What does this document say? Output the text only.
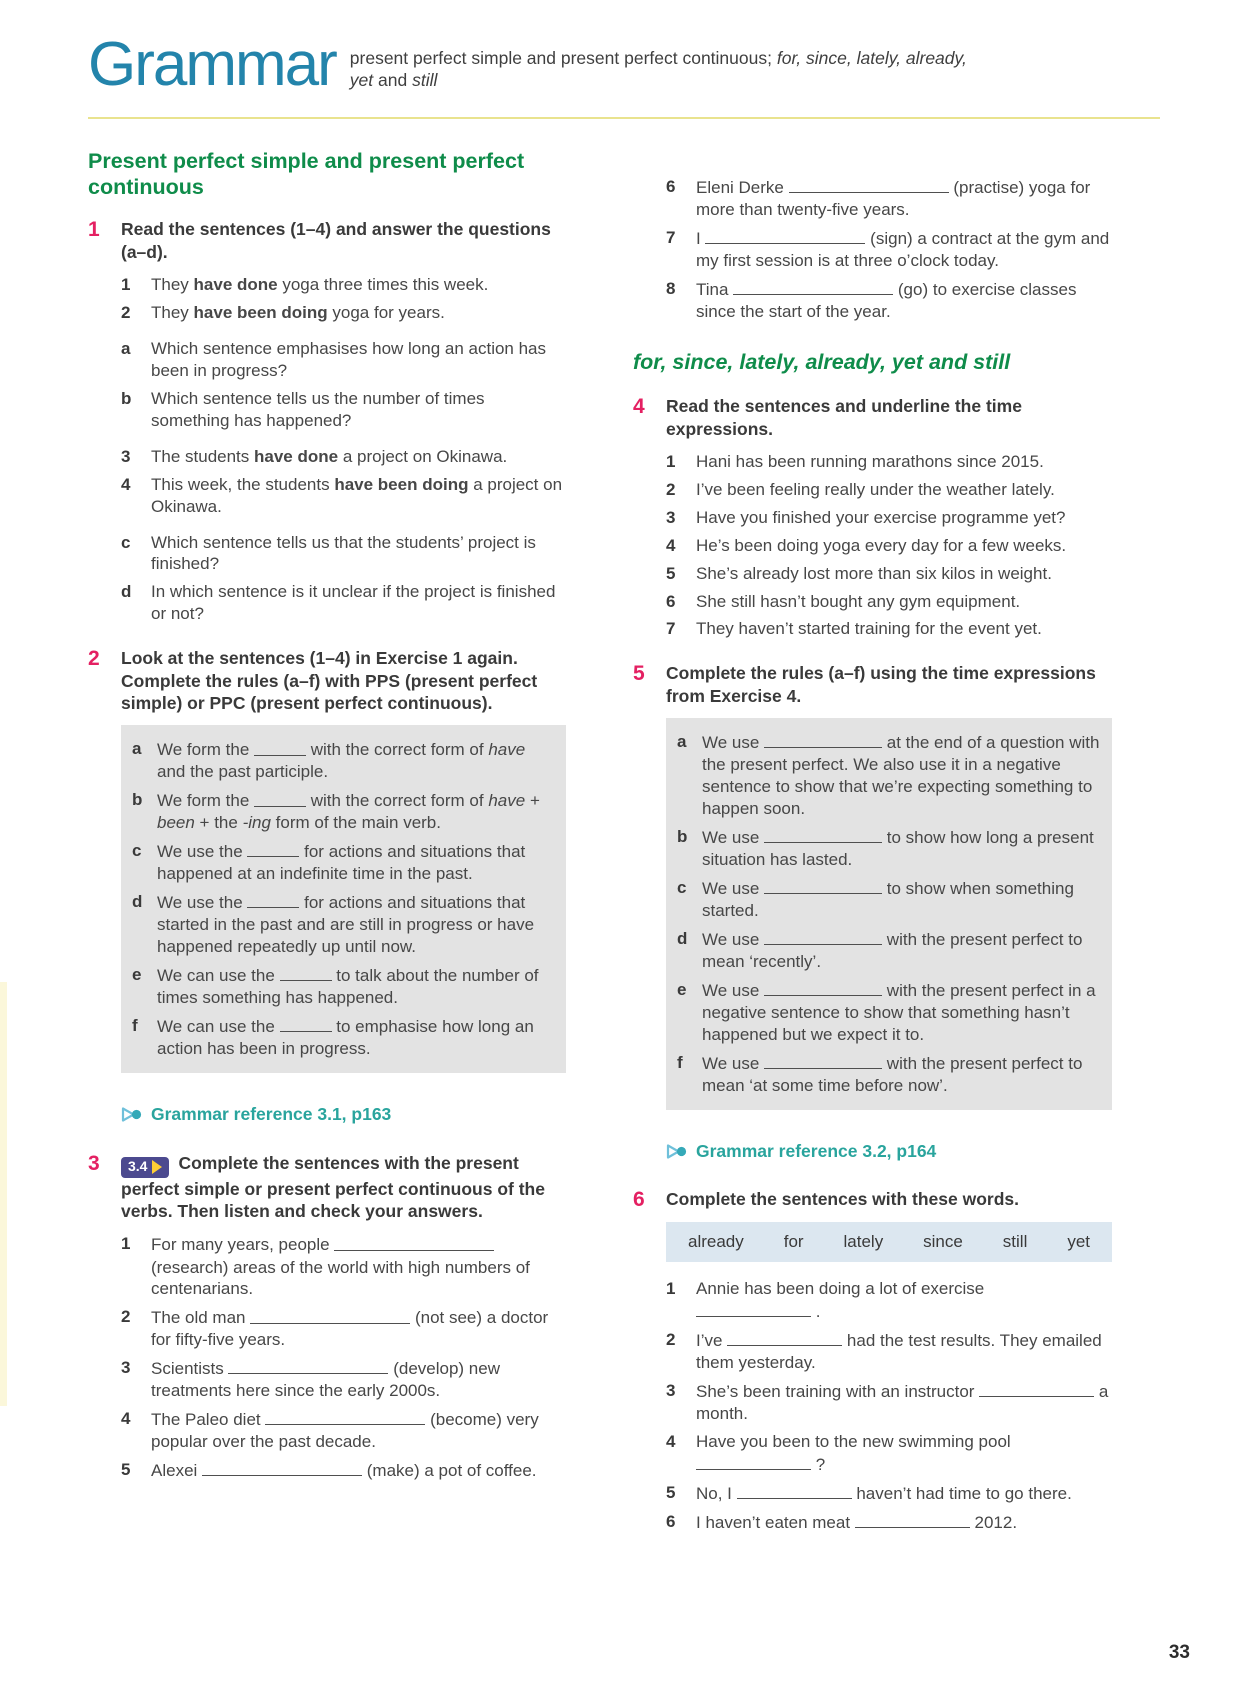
Grammar present perfect simple and present perfect continuous; for, since, lately, already,
yet and still

Present perfect simple and present perfect continuous
1	Read the sentences (1–4) and answer the questions (a–d).

1	They have done yoga three times this week.
2	They have been doing yoga for years.
a	Which sentence emphasises how long an action has been in progress?
b	Which sentence tells us the number of times something has happened?
3	The students have done a project on Okinawa.
4	This week, the students have been doing a project on Okinawa.
c	Which sentence tells us that the students’ project is finished?
d	In which sentence is it unclear if the project is finished or not?
2	Look at the sentences (1–4) in Exercise 1 again. Complete the rules (a–f) with PPS (present perfect simple) or PPC (present perfect continuous).

a We form the	with the correct form of have and the past participle.
b We form the	with the correct form of have + been + the -ing form of the main verb.
c We use the	for actions and situations that happened at an indefinite time in the past.
d We use the	for actions and situations that started in the past and are still in progress or have happened repeatedly up until now.
e We can use the	to talk about the number of times something has happened.
f	We can use the	to emphasise how long an action has been in progress.
Grammar reference 3.1, p163
3	3.4 Complete the sentences with the present perfect simple or present perfect continuous of the verbs. Then listen and check your answers.

1	For many years, people  (research) areas of the world with high numbers of centenarians.
2	The old man	(not see) a doctor for fifty-five years.
3	Scientists	(develop) new treatments here since the early 2000s.
4	The Paleo diet	(become) very popular over the past decade.
5	Alexei	(make) a pot of coffee.
6	Eleni Derke	(practise) yoga for more than twenty-five years.
7	I	(sign) a contract at the gym and my first session is at three o’clock today.
8	Tina	(go) to exercise classes since the start of the year.
for, since, lately, already, yet and still
4	Read the sentences and underline the time expressions.

1	Hani has been running marathons since 2015.
2	I’ve been feeling really under the weather lately.
3	Have you finished your exercise programme yet?
4	He’s been doing yoga every day for a few weeks.
5	She’s already lost more than six kilos in weight.
6	She still hasn’t bought any gym equipment.
7	They haven’t started training for the event yet.
5	Complete the rules (a–f) using the time expressions from Exercise 4.

a We use	at the end of a question with the present perfect. We also use it in a negative sentence to show that we’re expecting something to happen soon.
b We use	to show how long a present situation has lasted.
c We use	to show when something started.
d We use	with the present perfect to mean ‘recently’.
e We use	with the present perfect in a negative sentence to show that something hasn’t happened but we expect it to.
f	We use	with the present perfect to mean ‘at some time before now’.
Grammar reference 3.2, p164
6	Complete the sentences with these words.

already for lately since still yet
1	Annie has been doing a lot of exercise
.
2	I’ve	had the test results. They emailed them yesterday.
3	She’s been training with an instructor	a month.
4	Have you been to the new swimming pool
?
5	No, I	haven’t had time to go there.
6	I haven’t eaten meat	2012.
33
